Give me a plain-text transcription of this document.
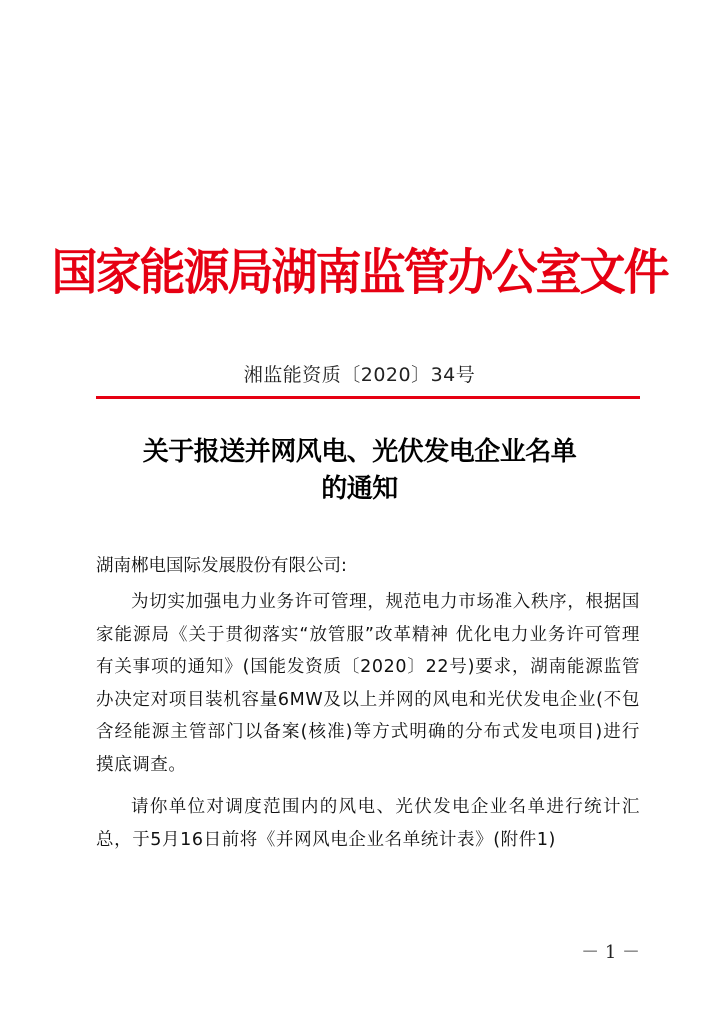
国家能源局湖南监管办公室文件
湘监能资质〔2020〕34号
关于报送并网风电、光伏发电企业名单
的通知
湖南郴电国际发展股份有限公司:

为切实加强电力业务许可管理，规范电力市场准入秩序，根据国家能源局《关于贯彻落实“放管服”改革精神 优化电力业务许可管理有关事项的通知》(国能发资质〔2020〕22号)要求，湖南能源监管办决定对项目装机容量6MW及以上并网的风电和光伏发电企业(不包含经能源主管部门以备案(核准)等方式明确的分布式发电项目)进行摸底调查。

请你单位对调度范围内的风电、光伏发电企业名单进行统计汇总，于5月16日前将《并网风电企业名单统计表》(附件1)

－ 1 －
